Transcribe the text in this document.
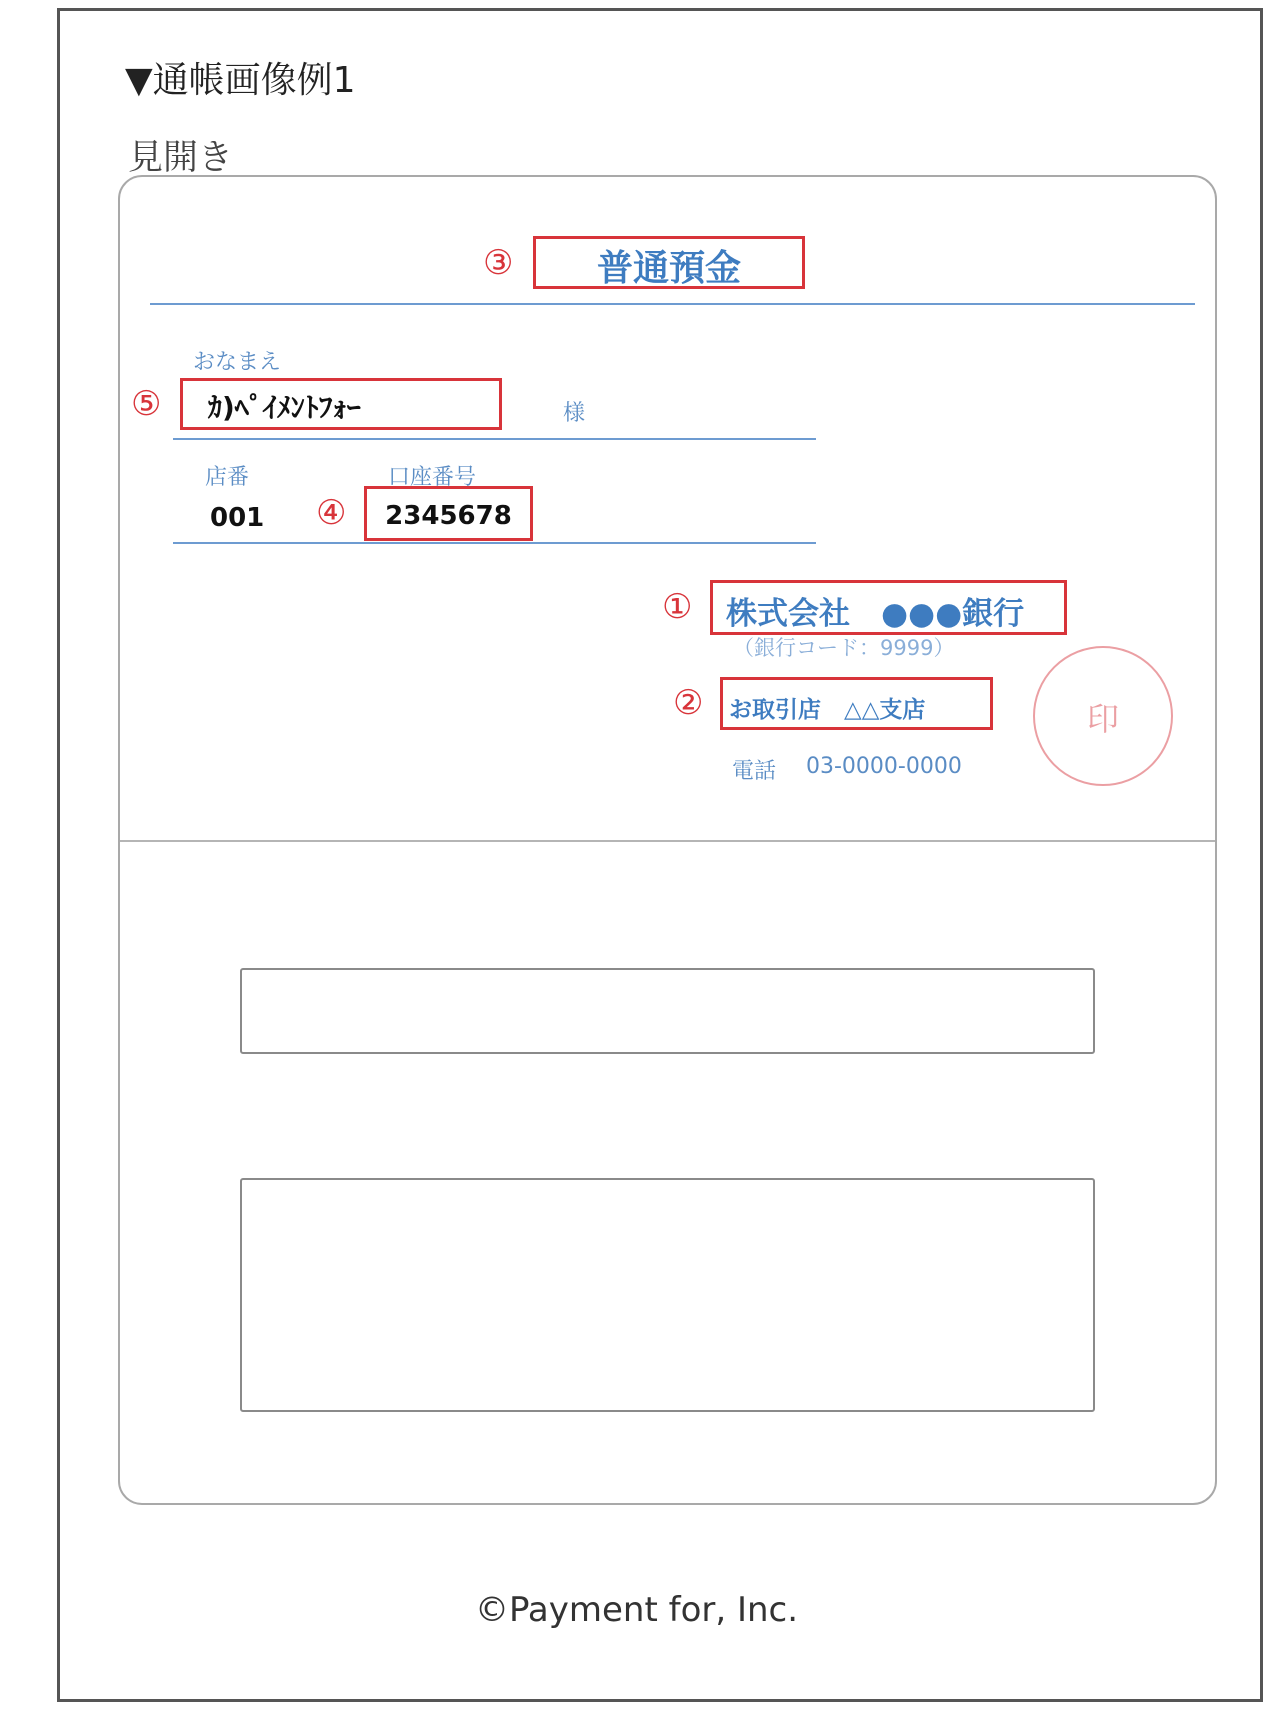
▼通帳画像例1
見開き
③	普通預金
おなまえ
⑤ ｶ)ﾍﾟｲﾒﾝﾄﾌｫｰ	様
店番	口座番号
001 ④	2345678
① 株式会社　●●●銀行
（銀行コード：9999）
② お取引店　△△支店
電話 03-0000-0000
印
©Payment for, Inc.
